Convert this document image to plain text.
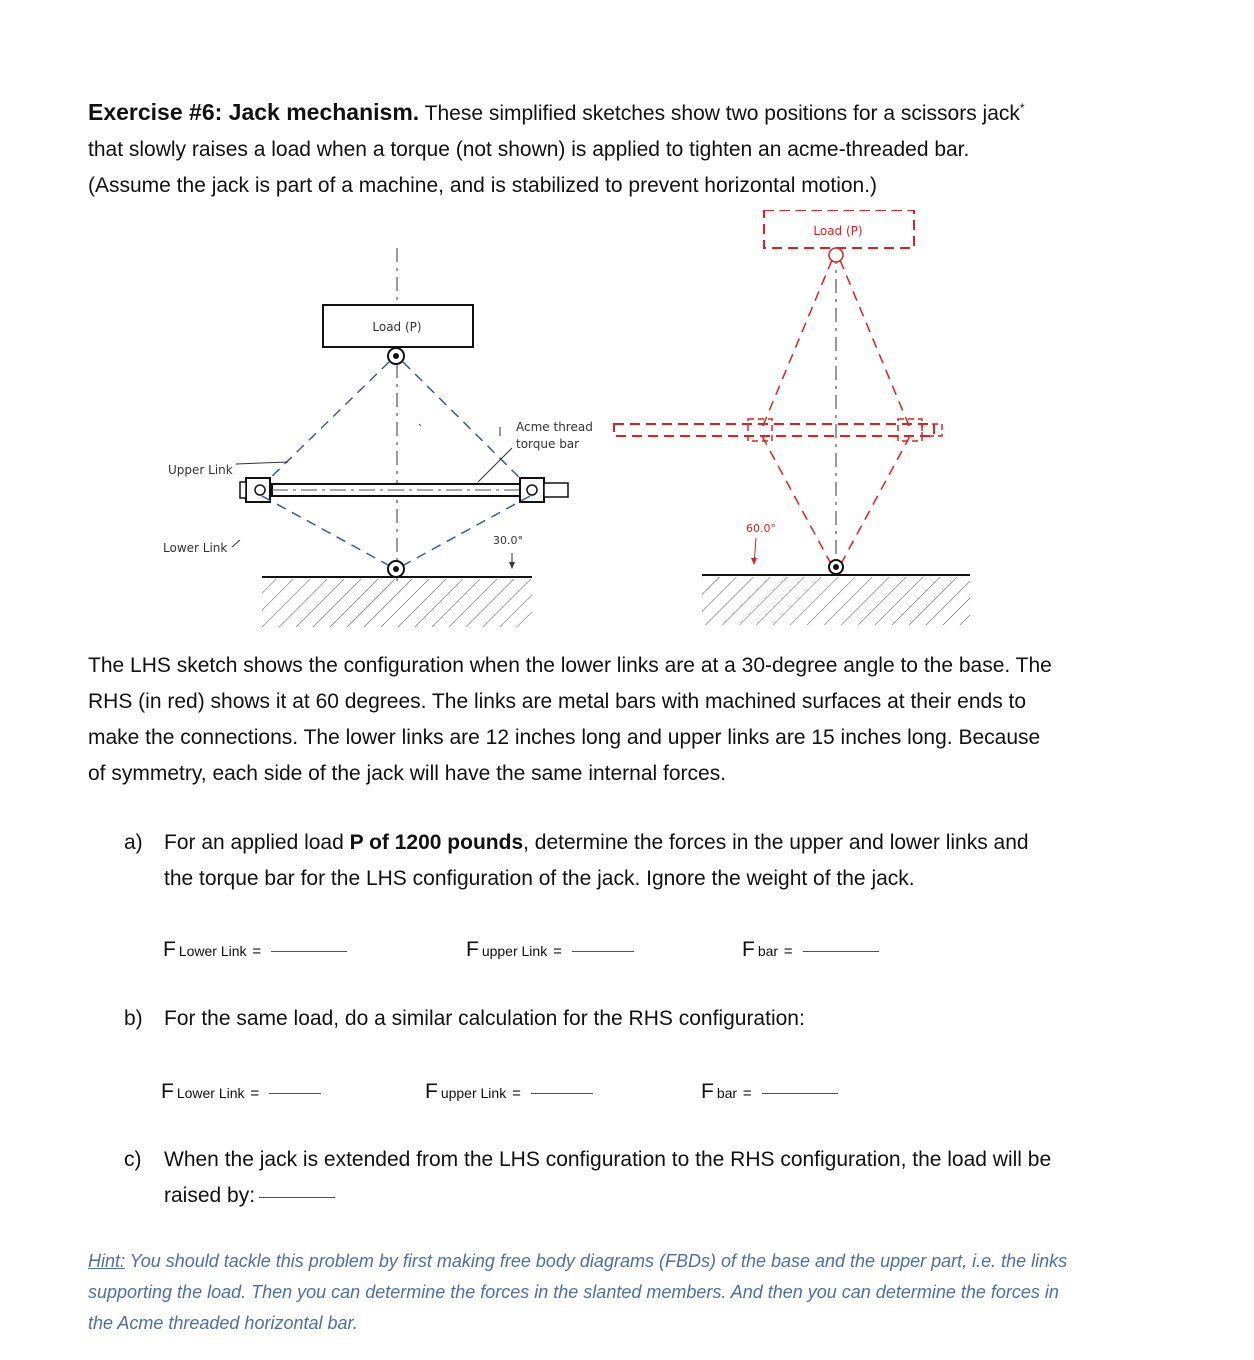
Exercise #6: Jack mechanism. These simplified sketches show two positions for a scissors jack*
that slowly raises a load when a torque (not shown) is applied to tighten an acme-threaded bar.
(Assume the jack is part of a machine, and is stabilized to prevent horizontal motion.)
Load (P)
Upper Link
Lower Link
Acme thread
torque bar
30.0°
Load (P)
60.0°
The LHS sketch shows the configuration when the lower links are at a 30-degree angle to the base. The
RHS (in red) shows it at 60 degrees. The links are metal bars with machined surfaces at their ends to
make the connections. The lower links are 12 inches long and upper links are 15 inches long. Because
of symmetry, each side of the jack will have the same internal forces.
a) For an applied load P of 1200 pounds, determine the forces in the upper and lower links and
the torque bar for the LHS configuration of the jack. Ignore the weight of the jack.
F Lower Link =	Fupper Link =	Fbar =
b) For the same load, do a similar calculation for the RHS configuration:
F Lower Link =	Fupper Link =	Fbar =
c) When the jack is extended from the LHS configuration to the RHS configuration, the load will be
raised by:
Hint: You should tackle this problem by first making free body diagrams (FBDs) of the base and the upper part, i.e. the links
supporting the load. Then you can determine the forces in the slanted members. And then you can determine the forces in
the Acme threaded horizontal bar.
